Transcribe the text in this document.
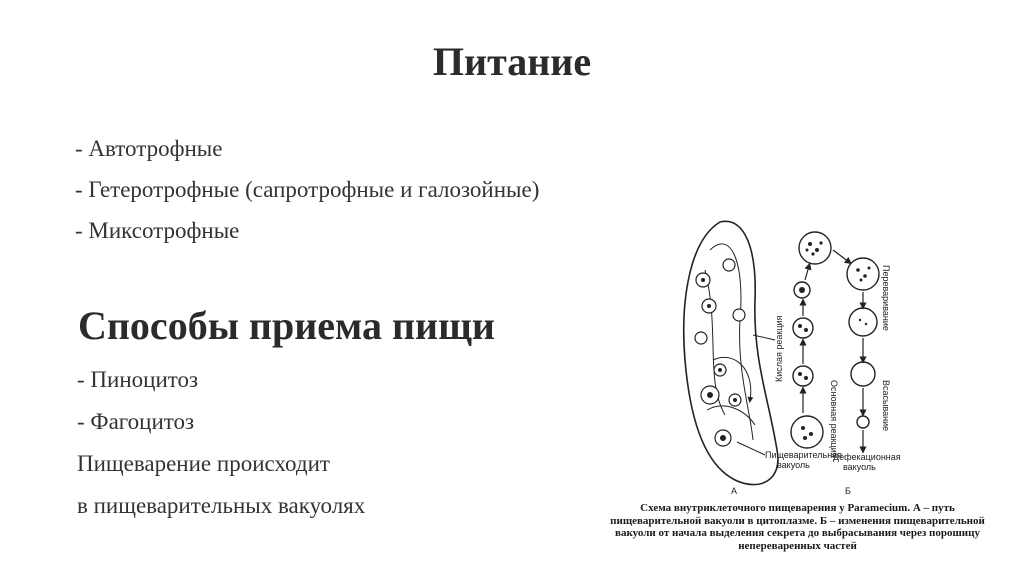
Питание
- Автотрофные
- Гетеротрофные (сапротрофные и галозойные)
- Миксотрофные
Способы приема пищи
- Пиноцитоз
- Фагоцитоз
Пищеварение происходит
в пищеварительных вакуолях
Пищеварительная
вакуоль
Дефекационная
вакуоль
А	Б
Кислая реакция
Основная реакция
Переваривание
Всасывание
Схема внутриклеточного пищеварения у Paramecium. А – путь пищеварительной вакуоли в цитоплазме. Б – изменения пищеварительной вакуоли от начала выделения секрета до выбрасывания через порошицу непереваренных частей
